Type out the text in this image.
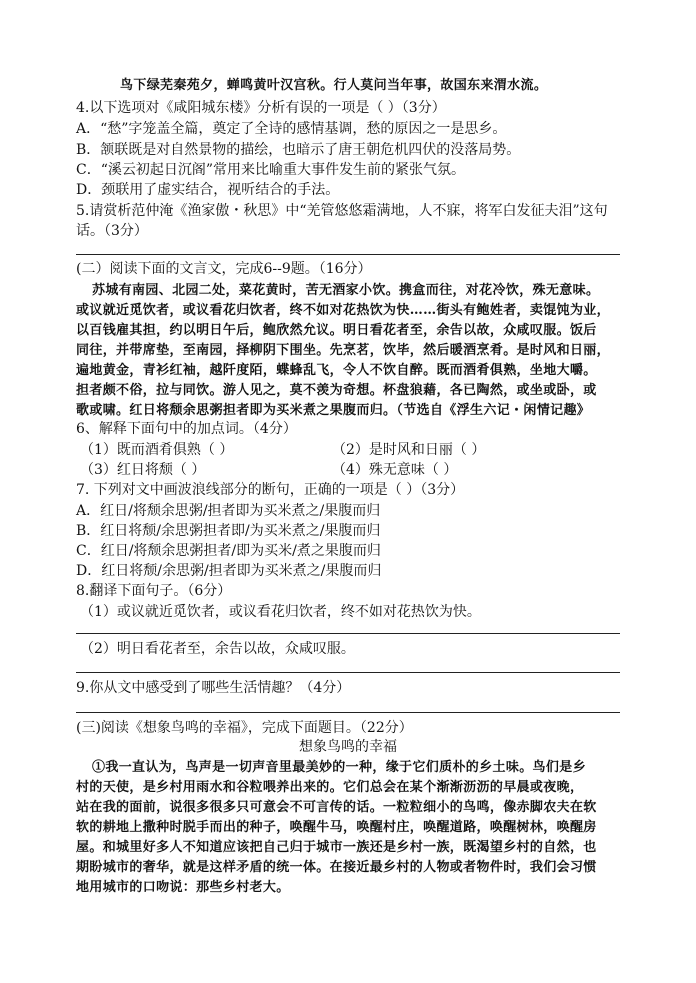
鸟下绿芜秦苑夕，蝉鸣黄叶汉宫秋。行人莫问当年事，故国东来渭水流。
4.以下选项对《咸阳城东楼》分析有误的一项是（ ）（3分）
A．“愁”字笼盖全篇，奠定了全诗的感情基调，愁的原因之一是思乡。
B．颔联既是对自然景物的描绘，也暗示了唐王朝危机四伏的没落局势。
C．“溪云初起日沉阁”常用来比喻重大事件发生前的紧张气氛。
D．颈联用了虚实结合，视听结合的手法。
5.请赏析范仲淹《渔家傲・秋思》中“羌管悠悠霜满地，人不寐，将军白发征夫泪”这句
话。（3分）
(二）阅读下面的文言文，完成6--9题。（16分）
苏城有南园、北园二处，菜花黄时，苦无酒家小饮。携盒而往，对花冷饮，殊无意味。
或议就近觅饮者，或议看花归饮者，终不如对花热饮为快……街头有鲍姓者，卖馄饨为业，
以百钱雇其担，约以明日午后，鲍欣然允议。明日看花者至，余告以故，众咸叹服。饭后
同往，并带席垫，至南园，择柳阴下围坐。先烹茗，饮毕，然后暖酒烹肴。是时风和日丽，
遍地黄金，青衫红袖，越阡度陌，蝶蜂乱飞，令人不饮自醉。既而酒肴俱熟，坐地大嚼。
担者颇不俗，拉与同饮。游人见之，莫不羡为奇想。杯盘狼藉，各已陶然，或坐或卧，或
歌或啸。红日将颓余思粥担者即为买米煮之果腹而归。（节选自《浮生六记・闲情记趣》
6、解释下面句中的加点词。（4分）
（1）既而酒肴俱熟（ ）	（2）是时风和日丽（ ）
（3）红日将颓（ ）	（4）殊无意味（ ）
7. 下列对文中画波浪线部分的断句，正确的一项是（ ）（3分）
A．红日/将颓余思粥/担者即为买米煮之/果腹而归
B．红日将颓/余思粥担者即/为买米煮之/果腹而归
C．红日/将颓余思粥担者/即为买米/煮之果腹而归
D．红日将颓/余思粥/担者即为买米煮之/果腹而归
8.翻译下面句子。（6分）
（1）或议就近觅饮者，或议看花归饮者，终不如对花热饮为快。
（2）明日看花者至，余告以故，众咸叹服。
9.你从文中感受到了哪些生活情趣？（4分）
(三)阅读《想象鸟鸣的幸福》，完成下面题目。（22分）
想象鸟鸣的幸福
①我一直认为，鸟声是一切声音里最美妙的一种，缘于它们质朴的乡土味。鸟们是乡
村的天使，是乡村用雨水和谷粒喂养出来的。它们总会在某个渐渐沥沥的早晨或夜晚，
站在我的面前，说很多很多只可意会不可言传的话。一粒粒细小的鸟鸣，像赤脚农夫在软
软的耕地上撒种时脱手而出的种子，唤醒牛马，唤醒村庄，唤醒道路，唤醒树林，唤醒房
屋。和城里好多人不知道应该把自己归于城市一族还是乡村一族，既渴望乡村的自然，也
期盼城市的奢华，就是这样矛盾的统一体。在接近最乡村的人物或者物件时，我们会习惯
地用城市的口吻说：那些乡村老大。
